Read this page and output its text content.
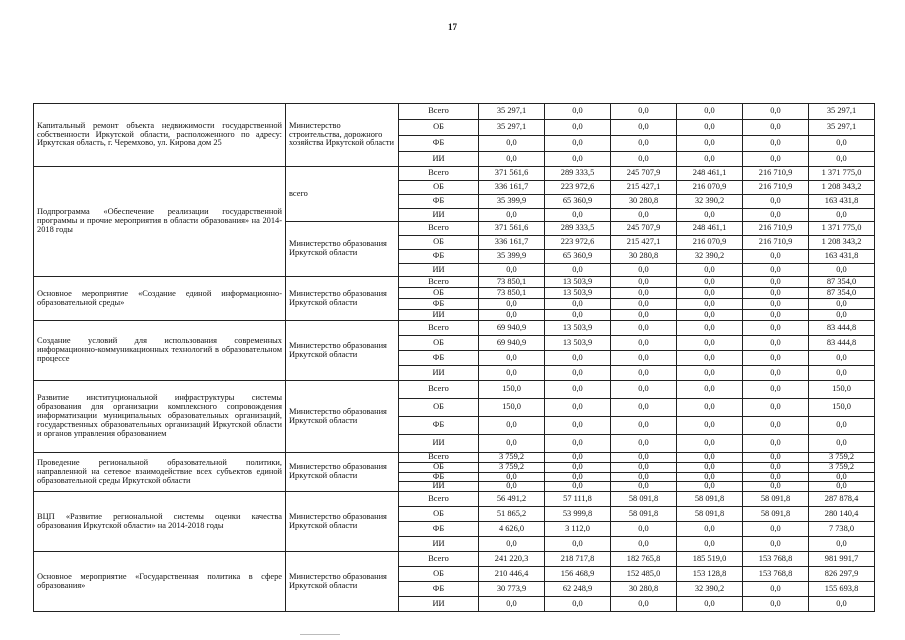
17
Капитальный ремонт объекта недвижимости государственной собственности Иркутской области, расположенного по адресу: Иркутская область, г. Черемхово, ул. Кирова дом 25	Министерство строительства, дорожного хозяйства Иркутской области	Всего	35 297,1	0,0	0,0	0,0	0,0	35 297,1
		ОБ	35 297,1	0,0	0,0	0,0	0,0	35 297,1
		ФБ	0,0	0,0	0,0	0,0	0,0	0,0
		ИИ	0,0	0,0	0,0	0,0	0,0	0,0
Подпрограмма «Обеспечение реализации государственной программы и прочие мероприятия в области образования» на 2014-2018 годы	всего	Всего	371 561,6	289 333,5	245 707,9	248 461,1	216 710,9	1 371 775,0
		ОБ	336 161,7	223 972,6	215 427,1	216 070,9	216 710,9	1 208 343,2
		ФБ	35 399,9	65 360,9	30 280,8	32 390,2	0,0	163 431,8
		ИИ	0,0	0,0	0,0	0,0	0,0	0,0
	Министерство образования Иркутской области	Всего	371 561,6	289 333,5	245 707,9	248 461,1	216 710,9	1 371 775,0
		ОБ	336 161,7	223 972,6	215 427,1	216 070,9	216 710,9	1 208 343,2
		ФБ	35 399,9	65 360,9	30 280,8	32 390,2	0,0	163 431,8
		ИИ	0,0	0,0	0,0	0,0	0,0	0,0
Основное мероприятие «Создание единой информационно-образовательной среды»	Министерство образования Иркутской области	Всего	73 850,1	13 503,9	0,0	0,0	0,0	87 354,0
		ОБ	73 850,1	13 503,9	0,0	0,0	0,0	87 354,0
		ФБ	0,0	0,0	0,0	0,0	0,0	0,0
		ИИ	0,0	0,0	0,0	0,0	0,0	0,0
Создание условий для использования современных информационно-коммуникационных технологий в образовательном процессе	Министерство образования Иркутской области	Всего	69 940,9	13 503,9	0,0	0,0	0,0	83 444,8
		ОБ	69 940,9	13 503,9	0,0	0,0	0,0	83 444,8
		ФБ	0,0	0,0	0,0	0,0	0,0	0,0
		ИИ	0,0	0,0	0,0	0,0	0,0	0,0
Развитие институциональной инфраструктуры системы образования для организации комплексного сопровождения информатизации муниципальных образовательных организаций, государственных образовательных организаций Иркутской области и органов управления образованием	Министерство образования Иркутской области	Всего	150,0	0,0	0,0	0,0	0,0	150,0
		ОБ	150,0	0,0	0,0	0,0	0,0	150,0
		ФБ	0,0	0,0	0,0	0,0	0,0	0,0
		ИИ	0,0	0,0	0,0	0,0	0,0	0,0
Проведение региональной образовательной политики, направленной на сетевое взаимодействие всех субъектов единой образовательной среды Иркутской области	Министерство образования Иркутской области	Всего	3 759,2	0,0	0,0	0,0	0,0	3 759,2
		ОБ	3 759,2	0,0	0,0	0,0	0,0	3 759,2
		ФБ	0,0	0,0	0,0	0,0	0,0	0,0
		ИИ	0,0	0,0	0,0	0,0	0,0	0,0
ВЦП «Развитие региональной системы оценки качества образования Иркутской области» на 2014-2018 годы	Министерство образования Иркутской области	Всего	56 491,2	57 111,8	58 091,8	58 091,8	58 091,8	287 878,4
		ОБ	51 865,2	53 999,8	58 091,8	58 091,8	58 091,8	280 140,4
		ФБ	4 626,0	3 112,0	0,0	0,0	0,0	7 738,0
		ИИ	0,0	0,0	0,0	0,0	0,0	0,0
Основное мероприятие «Государственная политика в сфере образования»	Министерство образования Иркутской области	Всего	241 220,3	218 717,8	182 765,8	185 519,0	153 768,8	981 991,7
		ОБ	210 446,4	156 468,9	152 485,0	153 128,8	153 768,8	826 297,9
		ФБ	30 773,9	62 248,9	30 280,8	32 390,2	0,0	155 693,8
		ИИ	0,0	0,0	0,0	0,0	0,0	0,0
